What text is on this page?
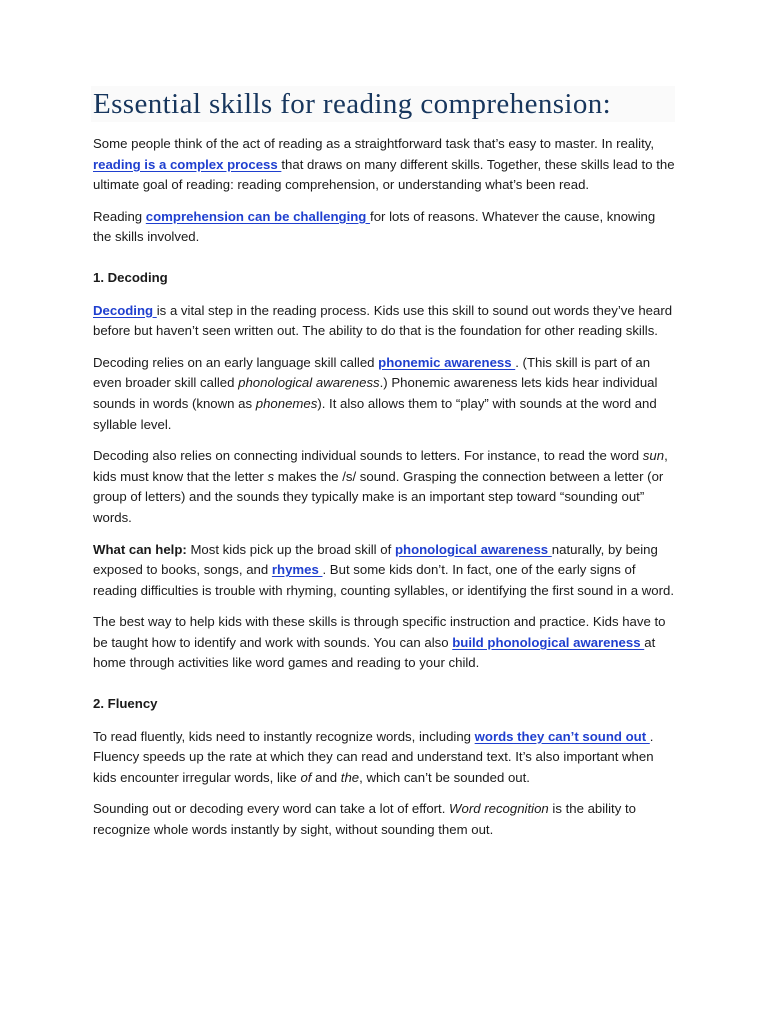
Essential skills for reading comprehension:

Some people think of the act of reading as a straightforward task that’s easy to master. In reality, reading is a complex process that draws on many different skills. Together, these skills lead to the ultimate goal of reading: reading comprehension, or understanding what’s been read.

Reading comprehension can be challenging for lots of reasons. Whatever the cause, knowing the skills involved.

1. Decoding

Decoding is a vital step in the reading process. Kids use this skill to sound out words they’ve heard before but haven’t seen written out. The ability to do that is the foundation for other reading skills.

Decoding relies on an early language skill called phonemic awareness . (This skill is part of an even broader skill called phonological awareness.) Phonemic awareness lets kids hear individual sounds in words (known as phonemes). It also allows them to “play” with sounds at the word and syllable level.

Decoding also relies on connecting individual sounds to letters. For instance, to read the word sun, kids must know that the letter s makes the /s/ sound. Grasping the connection between a letter (or group of letters) and the sounds they typically make is an important step toward “sounding out” words.

What can help: Most kids pick up the broad skill of phonological awareness naturally, by being exposed to books, songs, and rhymes . But some kids don’t. In fact, one of the early signs of reading difficulties is trouble with rhyming, counting syllables, or identifying the first sound in a word.

The best way to help kids with these skills is through specific instruction and practice. Kids have to be taught how to identify and work with sounds. You can also build phonological awareness at home through activities like word games and reading to your child.

2. Fluency

To read fluently, kids need to instantly recognize words, including words they can’t sound out . Fluency speeds up the rate at which they can read and understand text. It’s also important when kids encounter irregular words, like of and the, which can’t be sounded out.

Sounding out or decoding every word can take a lot of effort. Word recognition is the ability to recognize whole words instantly by sight, without sounding them out.
